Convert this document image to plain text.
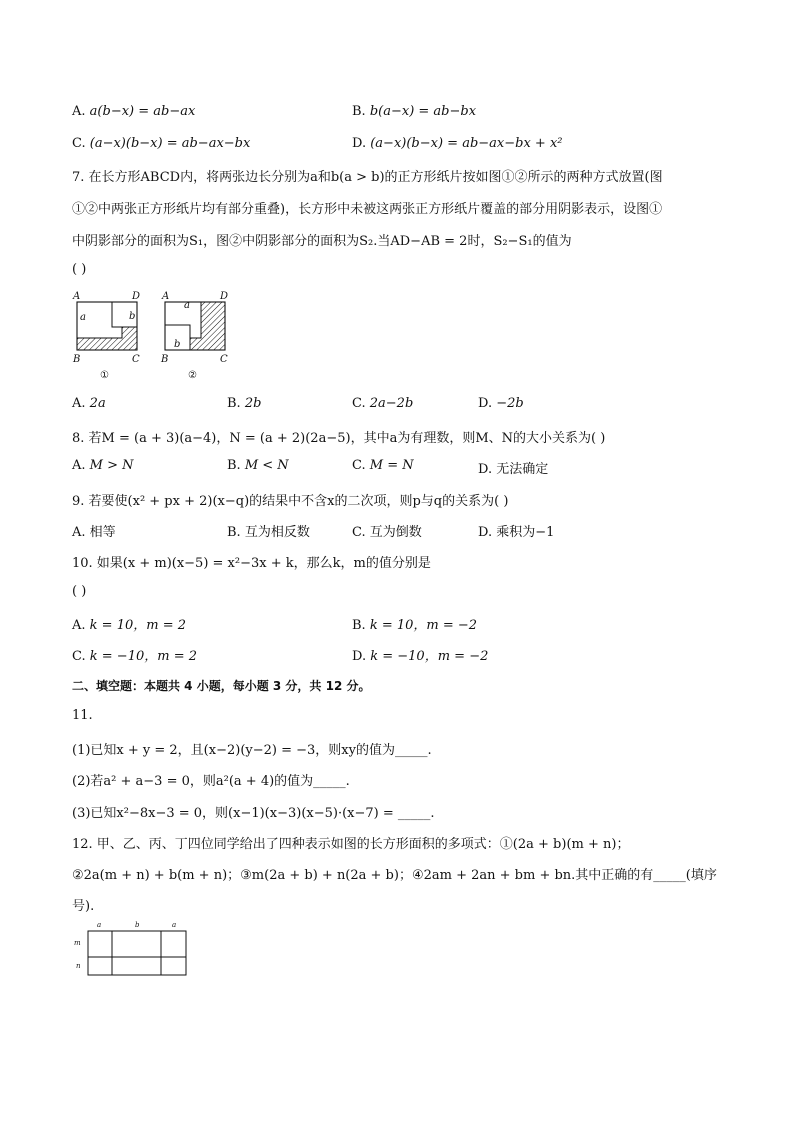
A. a(b−x) = ab−ax	B. b(a−x) = ab−bx
C. (a−x)(b−x) = ab−ax−bx	D. (a−x)(b−x) = ab−ax−bx + x²
7. 在长方形ABCD内，将两张边长分别为a和b(a > b)的正方形纸片按如图①②所示的两种方式放置(图
①②中两张正方形纸片均有部分重叠)，长方形中未被这两张正方形纸片覆盖的部分用阴影表示，设图①
中阴影部分的面积为S₁，图②中阴影部分的面积为S₂.当AD−AB = 2时，S₂−S₁的值为
( )
A	D
B	C
a	b
①
A	D
B	C
a
b
②
A. 2a	B. 2b	C. 2a−2b	D. −2b
8. 若M = (a + 3)(a−4)，N = (a + 2)(2a−5)，其中a为有理数，则M、N的大小关系为( )
A. M > N	B. M < N	C. M = N	D. 无法确定
9. 若要使(x² + px + 2)(x−q)的结果中不含x的二次项，则p与q的关系为( )
A. 相等	B. 互为相反数	C. 互为倒数	D. 乘积为−1
10. 如果(x + m)(x−5) = x²−3x + k，那么k，m的值分别是
( )
A. k = 10，m = 2	B. k = 10，m = −2
C. k = −10，m = 2	D. k = −10，m = −2
二、填空题：本题共 4 小题，每小题 3 分，共 12 分。
11.
(1)已知x + y = 2，且(x−2)(y−2) = −3，则xy的值为_____.
(2)若a² + a−3 = 0，则a²(a + 4)的值为_____.
(3)已知x²−8x−3 = 0，则(x−1)(x−3)(x−5)·(x−7) = _____.
12. 甲、乙、丙、丁四位同学给出了四种表示如图的长方形面积的多项式：①(2a + b)(m + n)；
②2a(m + n) + b(m + n)；③m(2a + b) + n(2a + b)；④2am + 2an + bm + bn.其中正确的有_____(填序
号).
a	b	a
m
n
